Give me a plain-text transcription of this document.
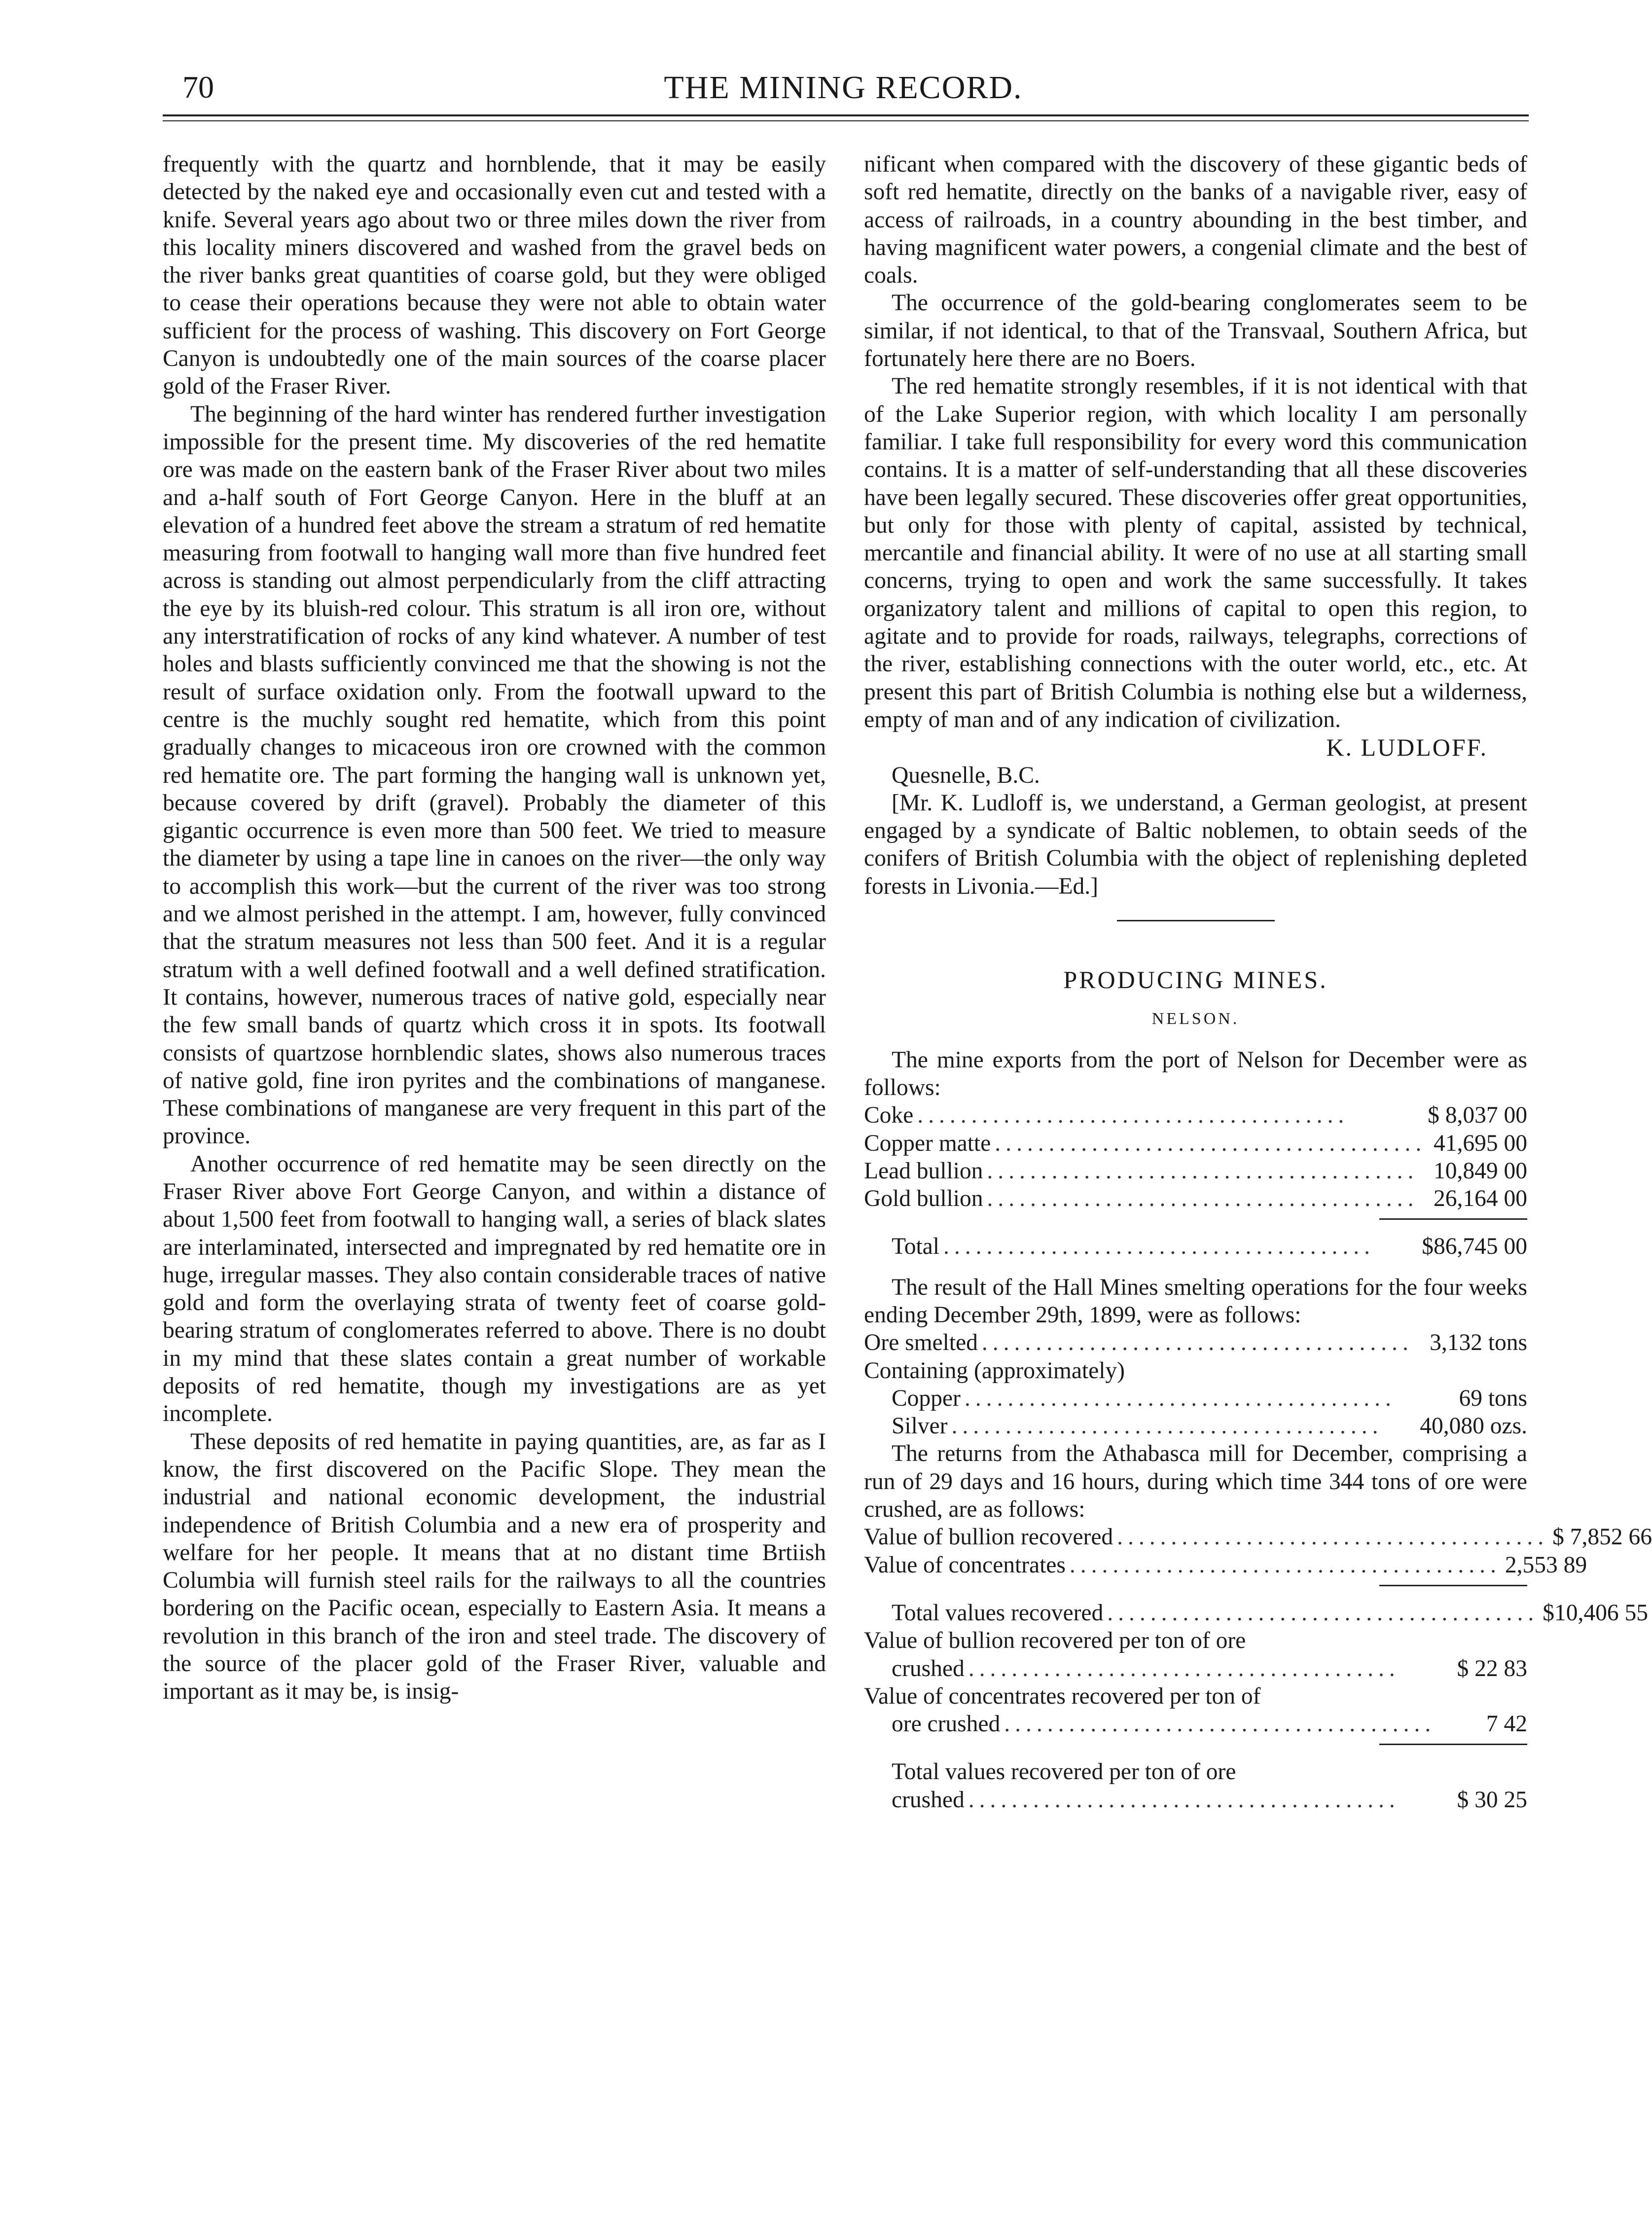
70	THE MINING RECORD.

frequently with the quartz and hornblende, that it may be easily detected by the naked eye and occasionally even cut and tested with a knife. Several years ago about two or three miles down the river from this locality miners discovered and washed from the gravel beds on the river banks great quantities of coarse gold, but they were obliged to cease their operations because they were not able to obtain water sufficient for the process of washing. This discovery on Fort George Canyon is undoubtedly one of the main sources of the coarse placer gold of the Fraser River.

The beginning of the hard winter has rendered further investigation impossible for the present time. My discoveries of the red hematite ore was made on the eastern bank of the Fraser River about two miles and a-half south of Fort George Canyon. Here in the bluff at an elevation of a hundred feet above the stream a stratum of red hematite measuring from footwall to hanging wall more than five hundred feet across is standing out almost perpendicularly from the cliff attracting the eye by its bluish-red colour. This stratum is all iron ore, without any interstratification of rocks of any kind whatever. A number of test holes and blasts sufficiently convinced me that the showing is not the result of surface oxidation only. From the footwall upward to the centre is the muchly sought red hematite, which from this point gradually changes to micaceous iron ore crowned with the common red hematite ore. The part forming the hanging wall is unknown yet, because covered by drift (gravel). Probably the diameter of this gigantic occurrence is even more than 500 feet. We tried to measure the diameter by using a tape line in canoes on the river—the only way to accomplish this work—but the current of the river was too strong and we almost perished in the attempt. I am, however, fully convinced that the stratum measures not less than 500 feet. And it is a regular stratum with a well defined footwall and a well defined stratification. It contains, however, numerous traces of native gold, especially near the few small bands of quartz which cross it in spots. Its footwall consists of quartzose hornblendic slates, shows also numerous traces of native gold, fine iron pyrites and the combinations of manganese. These combinations of manganese are very frequent in this part of the province.

Another occurrence of red hematite may be seen directly on the Fraser River above Fort George Canyon, and within a distance of about 1,500 feet from footwall to hanging wall, a series of black slates are interlaminated, intersected and impregnated by red hematite ore in huge, irregular masses. They also contain considerable traces of native gold and form the overlaying strata of twenty feet of coarse gold-bearing stratum of conglomerates referred to above. There is no doubt in my mind that these slates contain a great number of workable deposits of red hematite, though my investigations are as yet incomplete.

These deposits of red hematite in paying quantities, are, as far as I know, the first discovered on the Pacific Slope. They mean the industrial and national economic development, the industrial independence of British Columbia and a new era of prosperity and welfare for her people. It means that at no distant time Brtiish Columbia will furnish steel rails for the railways to all the countries bordering on the Pacific ocean, especially to Eastern Asia. It means a revolution in this branch of the iron and steel trade. The discovery of the source of the placer gold of the Fraser River, valuable and important as it may be, is insig-

nificant when compared with the discovery of these gigantic beds of soft red hematite, directly on the banks of a navigable river, easy of access of railroads, in a country abounding in the best timber, and having magnificent water powers, a congenial climate and the best of coals.

The occurrence of the gold-bearing conglomerates seem to be similar, if not identical, to that of the Transvaal, Southern Africa, but fortunately here there are no Boers.

The red hematite strongly resembles, if it is not identical with that of the Lake Superior region, with which locality I am personally familiar. I take full responsibility for every word this communication contains. It is a matter of self-understanding that all these discoveries have been legally secured. These discoveries offer great opportunities, but only for those with plenty of capital, assisted by technical, mercantile and financial ability. It were of no use at all starting small concerns, trying to open and work the same successfully. It takes organizatory talent and millions of capital to open this region, to agitate and to provide for roads, railways, telegraphs, corrections of the river, establishing connections with the outer world, etc., etc. At present this part of British Columbia is nothing else but a wilderness, empty of man and of any indication of civilization.

K. LUDLOFF.

Quesnelle, B.C.

[Mr. K. Ludloff is, we understand, a German geologist, at present engaged by a syndicate of Baltic noblemen, to obtain seeds of the conifers of British Columbia with the object of replenishing depleted forests in Livonia.—Ed.]

PRODUCING MINES.
NELSON.

The mine exports from the port of Nelson for December were as follows:

Coke ........................................	$ 8,037 00
Copper matte ........................................ 41,695 00
Lead bullion ........................................ 10,849 00
Gold bullion ........................................ 26,164 00
Total ........................................	$86,745 00

The result of the Hall Mines smelting operations for the four weeks ending December 29th, 1899, were as follows:

Ore smelted ........................................ 3,132 tons
Containing (approximately)
Copper ........................................	69 tons
Silver ........................................	40,080 ozs.

The returns from the Athabasca mill for December, comprising a run of 29 days and 16 hours, during which time 344 tons of ore were crushed, are as follows:

Value of bullion recovered ........................................ $ 7,852 66
Value of concentrates ........................................ 2,553 89
Total values recovered ........................................ $10,406 55
Value of bullion recovered per ton of ore
crushed ........................................	$ 22 83
Value of concentrates recovered per ton of
ore crushed ........................................	7 42
Total values recovered per ton of ore
crushed ........................................	$ 30 25
